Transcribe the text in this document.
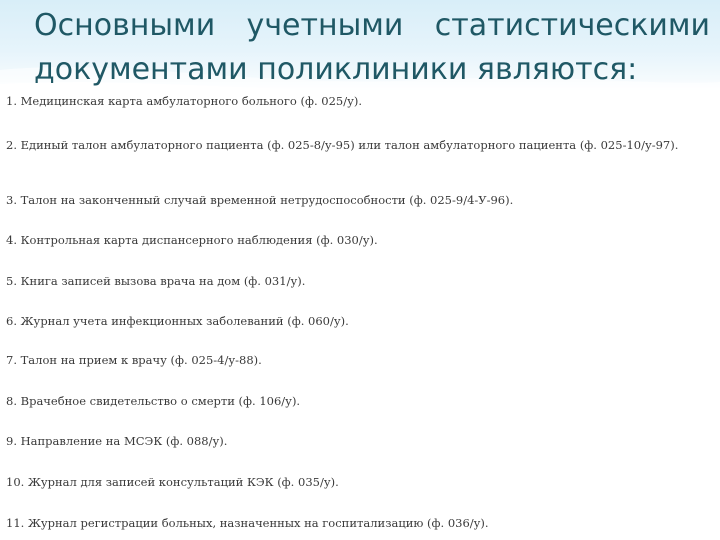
Основными учетными статистическими
документами поликлиники являются:
1. Медицинская карта амбулаторного больного (ф. 025/у).
2. Единый талон амбулаторного пациента (ф. 025-8/у-95) или талон амбулаторного пациента (ф. 025-10/у-97).
3. Талон на законченный случай временной нетрудоспособности (ф. 025-9/4-У-96).
4. Контрольная карта диспансерного наблюдения (ф. 030/у).
5. Книга записей вызова врача на дом (ф. 031/у).
6. Журнал учета инфекционных заболеваний (ф. 060/у).
7. Талон на прием к врачу (ф. 025-4/у-88).
8. Врачебное свидетельство о смерти (ф. 106/у).
9. Направление на МСЭК (ф. 088/у).
10. Журнал для записей консультаций КЭК (ф. 035/у).
11. Журнал регистрации больных, назначенных на госпитализацию (ф. 036/у).
